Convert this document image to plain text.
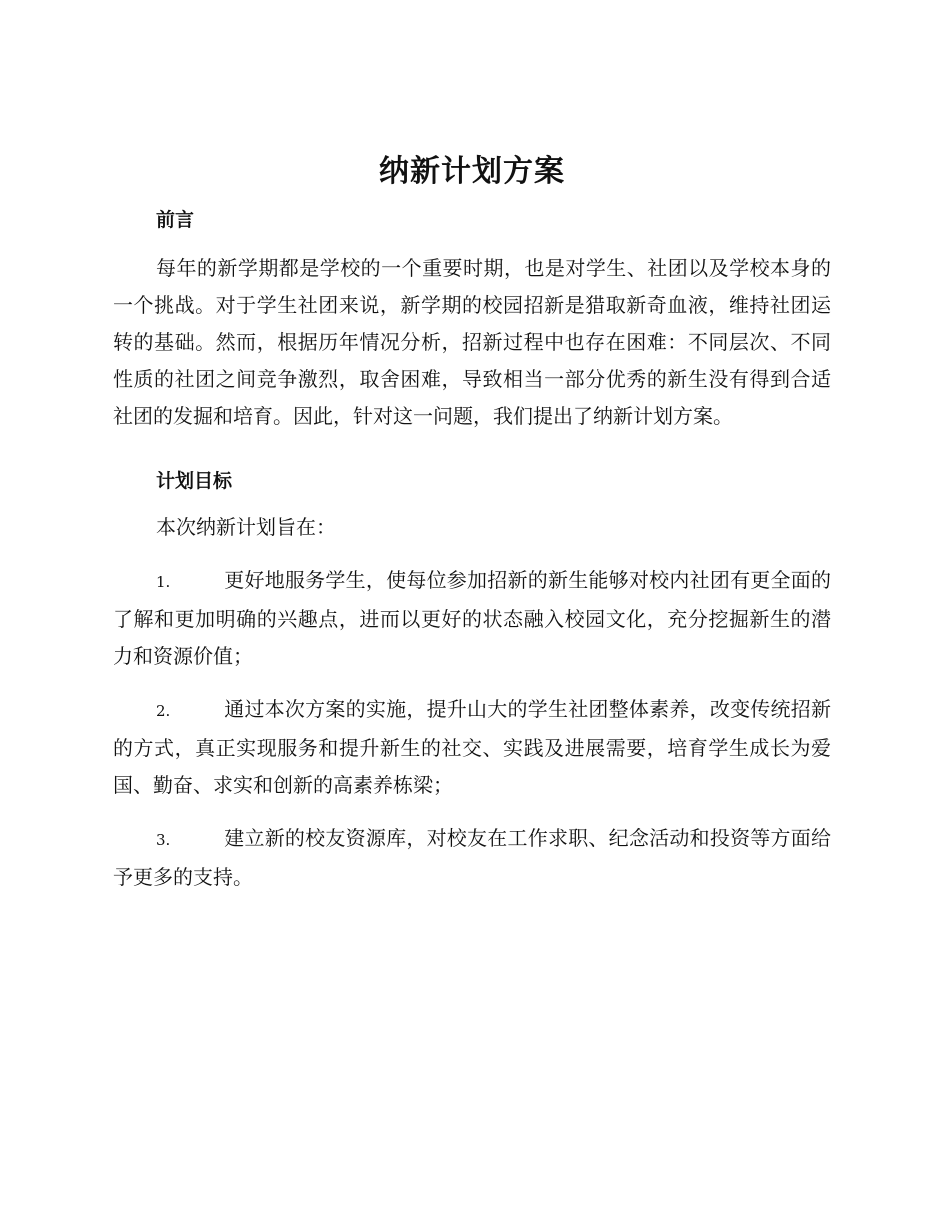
纳新计划方案
前言

每年的新学期都是学校的一个重要时期，也是对学生、社团以及学校本身的一个挑战。对于学生社团来说，新学期的校园招新是猎取新奇血液，维持社团运转的基础。然而，根据历年情况分析，招新过程中也存在困难：不同层次、不同性质的社团之间竞争激烈，取舍困难，导致相当一部分优秀的新生没有得到合适社团的发掘和培育。因此，针对这一问题，我们提出了纳新计划方案。

计划目标

本次纳新计划旨在：

1.	更好地服务学生，使每位参加招新的新生能够对校内社团有更全面的了解和更加明确的兴趣点，进而以更好的状态融入校园文化，充分挖掘新生的潜力和资源价值；

2.	通过本次方案的实施，提升山大的学生社团整体素养，改变传统招新的方式，真正实现服务和提升新生的社交、实践及进展需要，培育学生成长为爱国、勤奋、求实和创新的高素养栋梁；

3.	建立新的校友资源库，对校友在工作求职、纪念活动和投资等方面给予更多的支持。
